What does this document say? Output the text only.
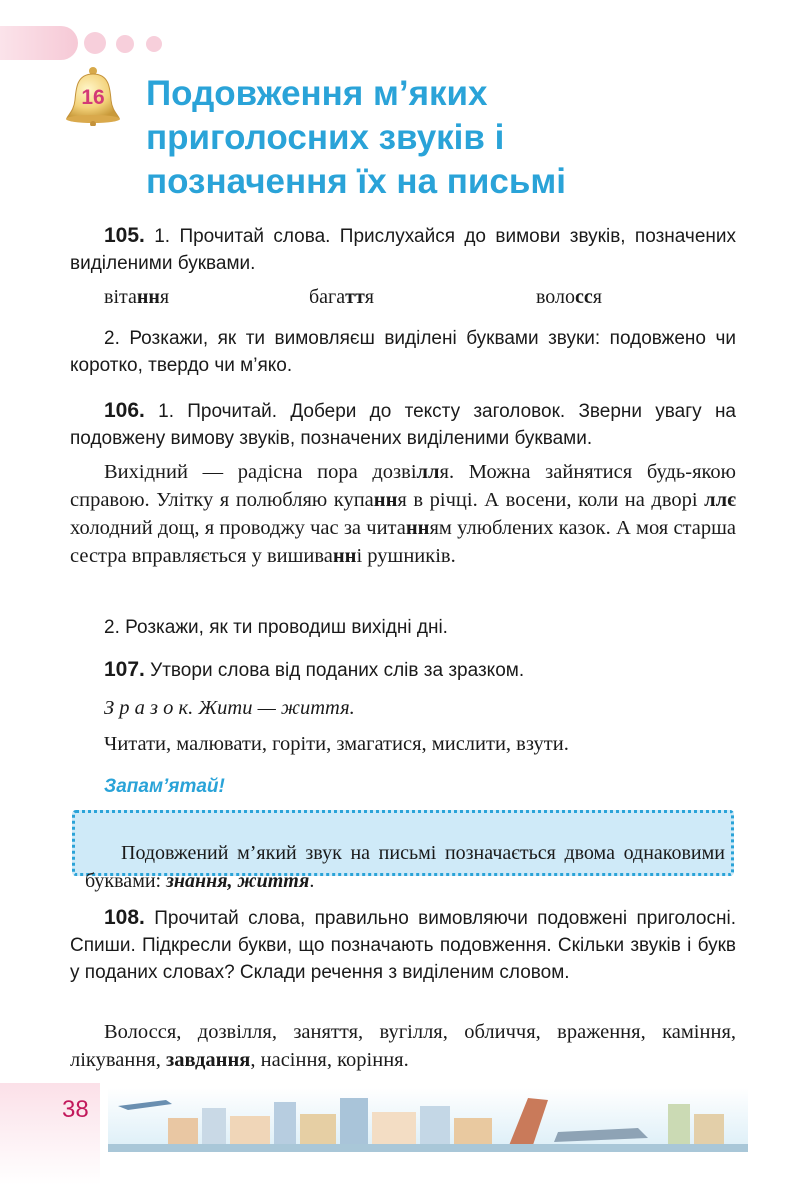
16	Подовження м’яких
приголосних звуків і
позначення їх на письмі

105. 1. Прочитай слова. Прислухайся до вимови звуків, позначених виділеними буквами.

вітання	багаття	волосся

2. Розкажи, як ти вимовляєш виділені буквами звуки: подовжено чи коротко, твердо чи м’яко.

106. 1. Прочитай. Добери до тексту заголовок. Зверни увагу на подовжену вимову звуків, позначених виділеними буквами.

Вихідний — радісна пора дозвілля. Можна зайнятися будь-якою справою. Улітку я полюбляю купання в річці. А восени, коли на дворі ллє холодний дощ, я проводжу час за читанням улюблених казок. А моя старша сестра вправляється у вишиванні рушників.

2. Розкажи, як ти проводиш вихідні дні.

107. Утвори слова від поданих слів за зразком.

З р а з о к. Жити — життя.

Читати, малювати, горіти, змагатися, мислити, взути.

Запам’ятай!

Подовжений м’який звук на письмі позначається двома однаковими буквами: знання, життя.

108. Прочитай слова, правильно вимовляючи подовжені приголосні. Спиши. Підкресли букви, що позначають подовження. Скільки звуків і букв у поданих словах? Склади речення з виділеним словом.

Волосся, дозвілля, заняття, вугілля, обличчя, враження, каміння, лікування, завдання, насіння, коріння.

38
